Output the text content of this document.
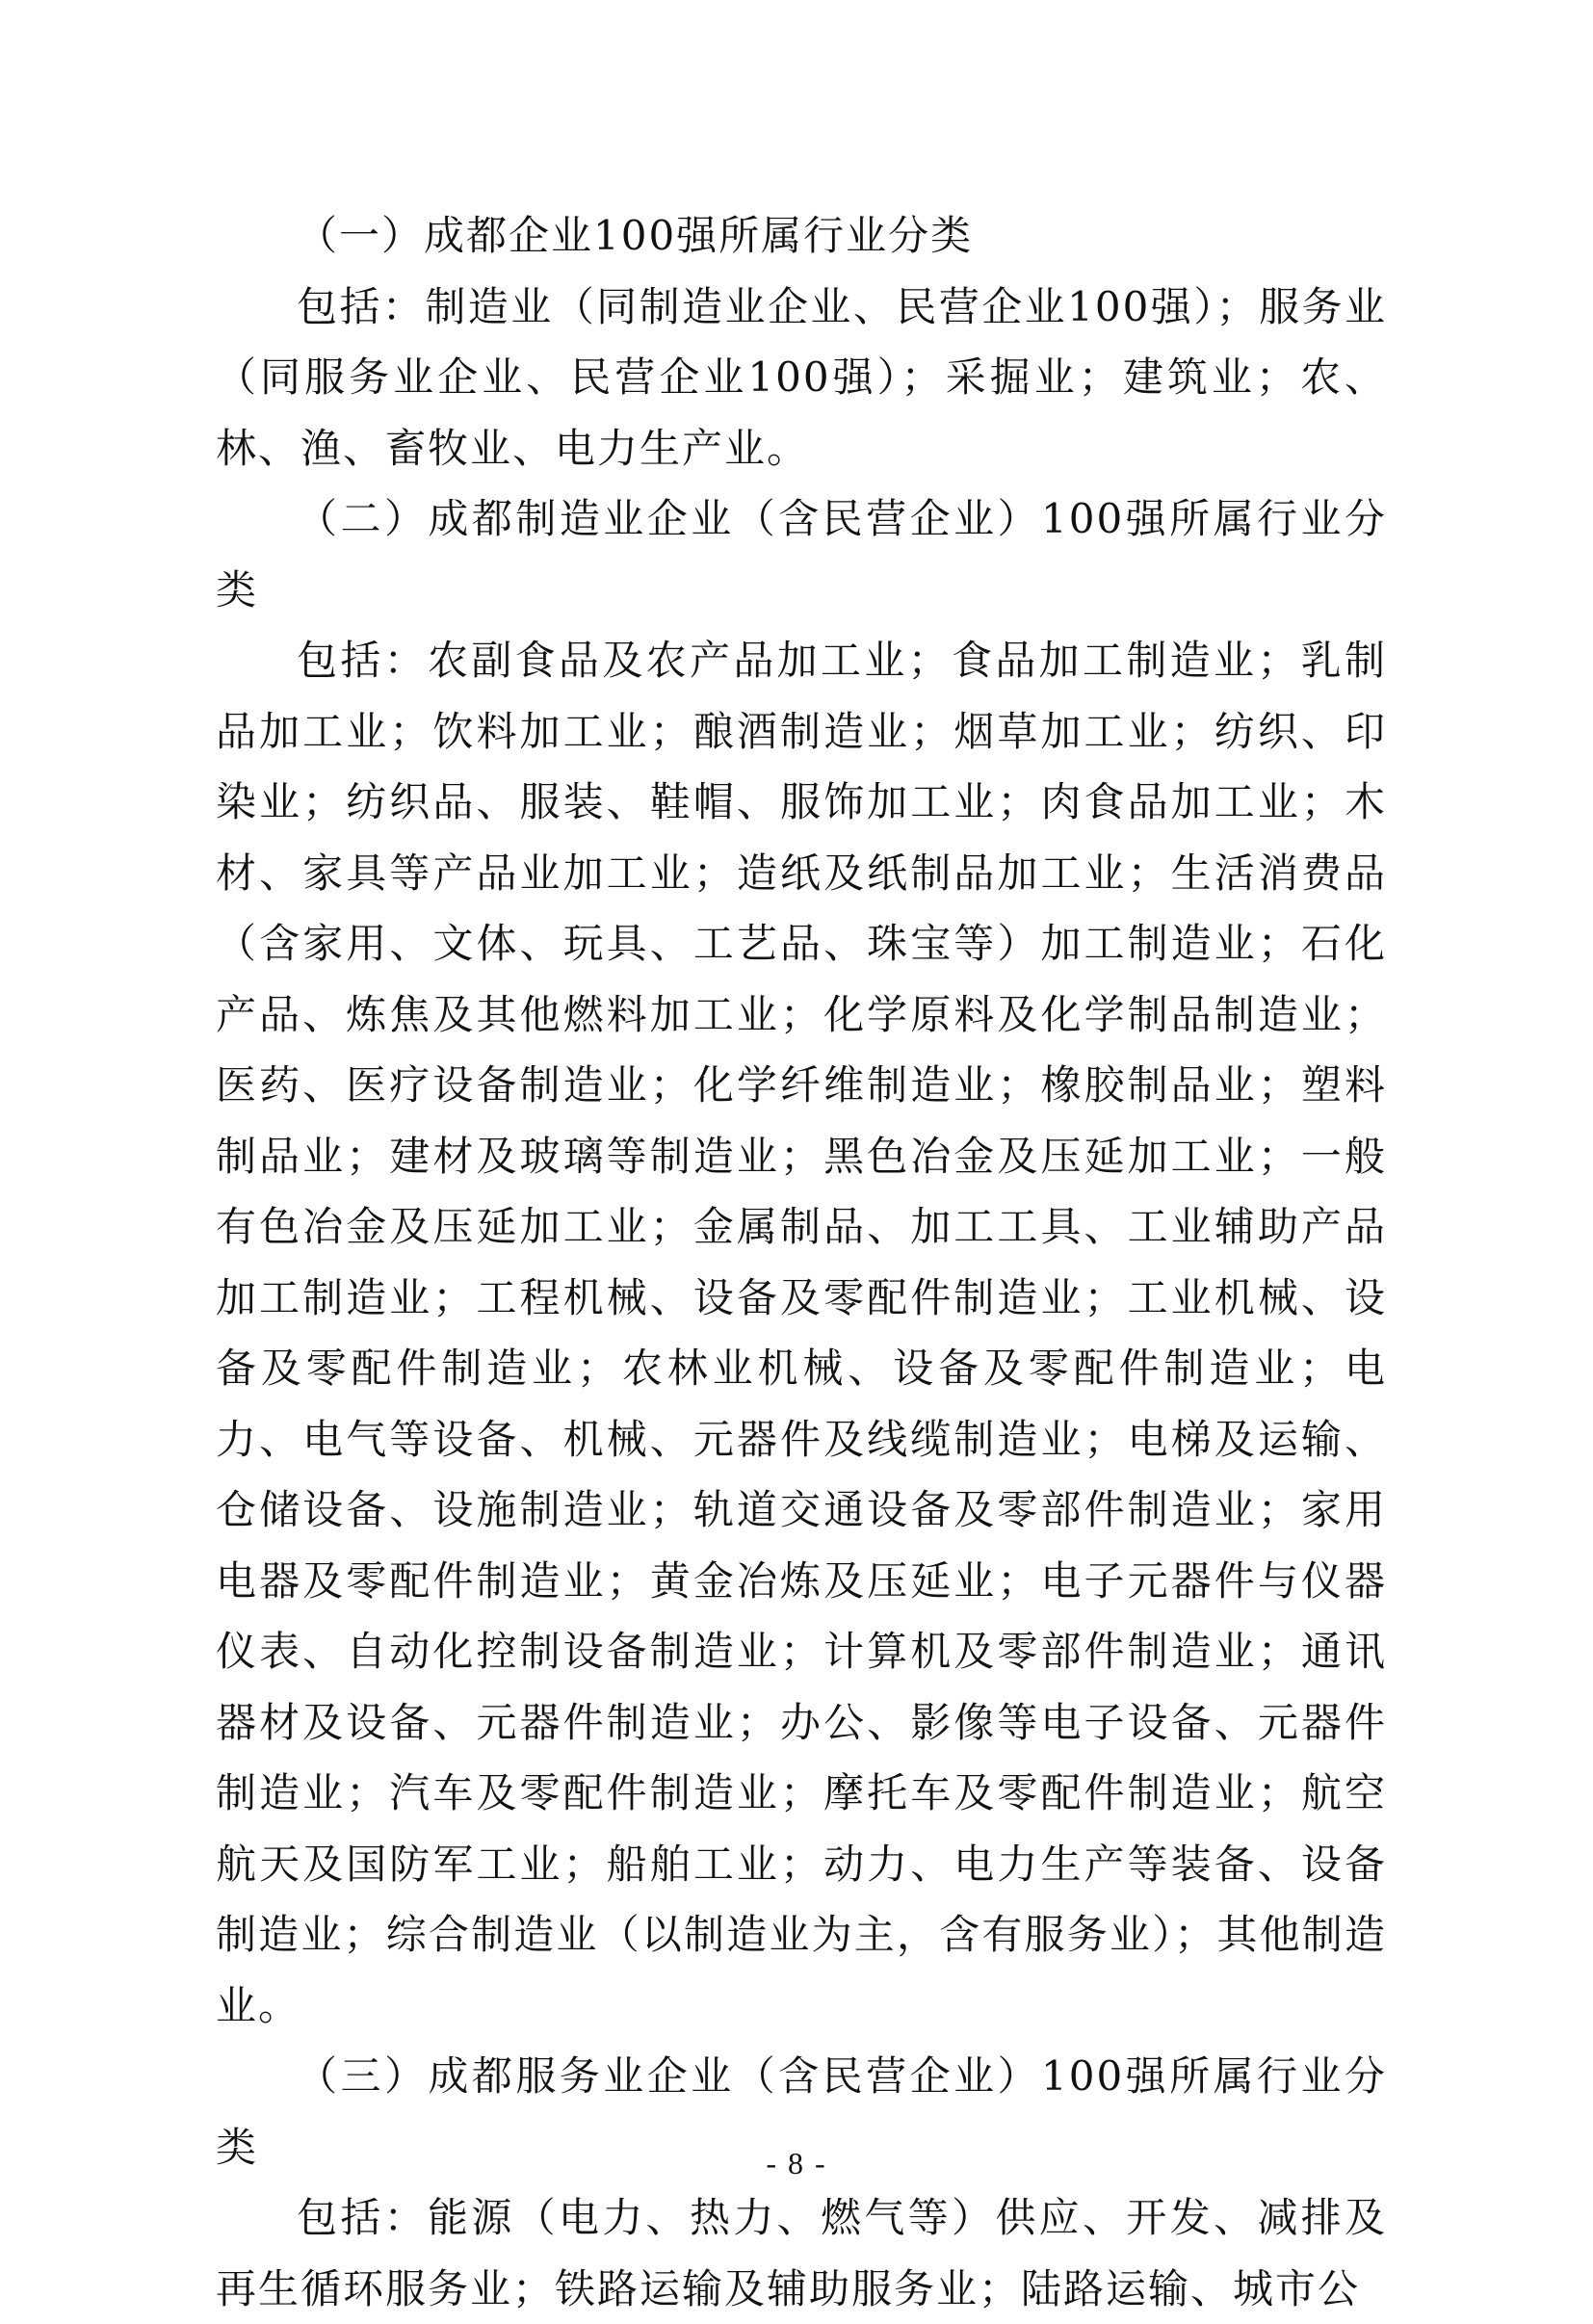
（一）成都企业100强所属行业分类

包括：制造业（同制造业企业、民营企业100强）；服务业（同服务业企业、民营企业100强）；采掘业；建筑业；农、林、渔、畜牧业、电力生产业。

（二）成都制造业企业（含民营企业）100强所属行业分类

包括：农副食品及农产品加工业；食品加工制造业；乳制品加工业；饮料加工业；酿酒制造业；烟草加工业；纺织、印染业；纺织品、服装、鞋帽、服饰加工业；肉食品加工业；木材、家具等产品业加工业；造纸及纸制品加工业；生活消费品（含家用、文体、玩具、工艺品、珠宝等）加工制造业；石化产品、炼焦及其他燃料加工业；化学原料及化学制品制造业；医药、医疗设备制造业；化学纤维制造业；橡胶制品业；塑料制品业；建材及玻璃等制造业；黑色冶金及压延加工业；一般有色冶金及压延加工业；金属制品、加工工具、工业辅助产品加工制造业；工程机械、设备及零配件制造业；工业机械、设备及零配件制造业；农林业机械、设备及零配件制造业；电力、电气等设备、机械、元器件及线缆制造业；电梯及运输、仓储设备、设施制造业；轨道交通设备及零部件制造业；家用电器及零配件制造业；黄金冶炼及压延业；电子元器件与仪器仪表、自动化控制设备制造业；计算机及零部件制造业；通讯器材及设备、元器件制造业；办公、影像等电子设备、元器件制造业；汽车及零配件制造业；摩托车及零配件制造业；航空航天及国防军工业；船舶工业；动力、电力生产等装备、设备制造业；综合制造业（以制造业为主，含有服务业）；其他制造业。

（三）成都服务业企业（含民营企业）100强所属行业分类

包括：能源（电力、热力、燃气等）供应、开发、减排及再生循环服务业；铁路运输及辅助服务业；陆路运输、城市公

- 8 -
